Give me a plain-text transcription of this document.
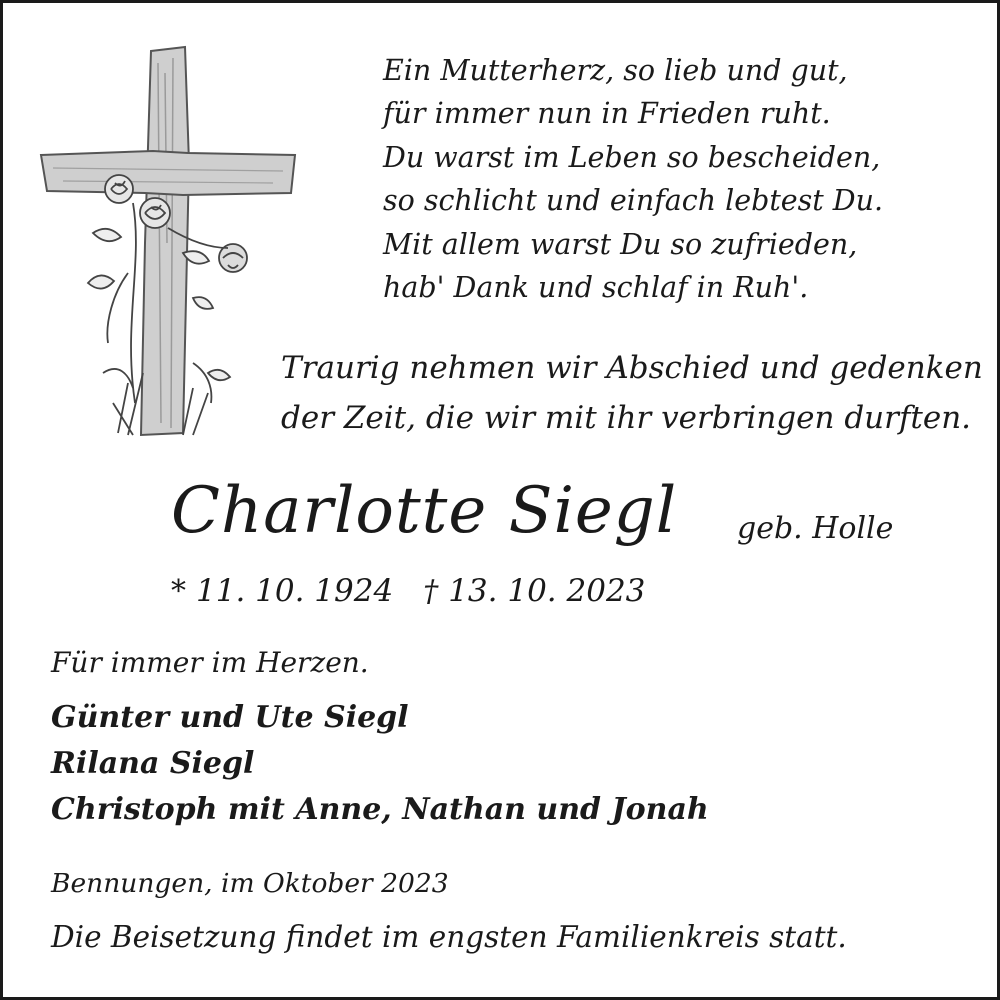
Ein Mutterherz, so lieb und gut,
für immer nun in Frieden ruht.
Du warst im Leben so bescheiden,
so schlicht und einfach lebtest Du.
Mit allem warst Du so zufrieden,
hab' Dank und schlaf in Ruh'.
Traurig nehmen wir Abschied und gedenken
der Zeit, die wir mit ihr verbringen durften.
Charlotte Siegl geb. Holle
* 11. 10. 1924 † 13. 10. 2023
Für immer im Herzen.
Günter und Ute Siegl
Rilana Siegl
Christoph mit Anne, Nathan und Jonah
Bennungen, im Oktober 2023
Die Beisetzung findet im engsten Familienkreis statt.
